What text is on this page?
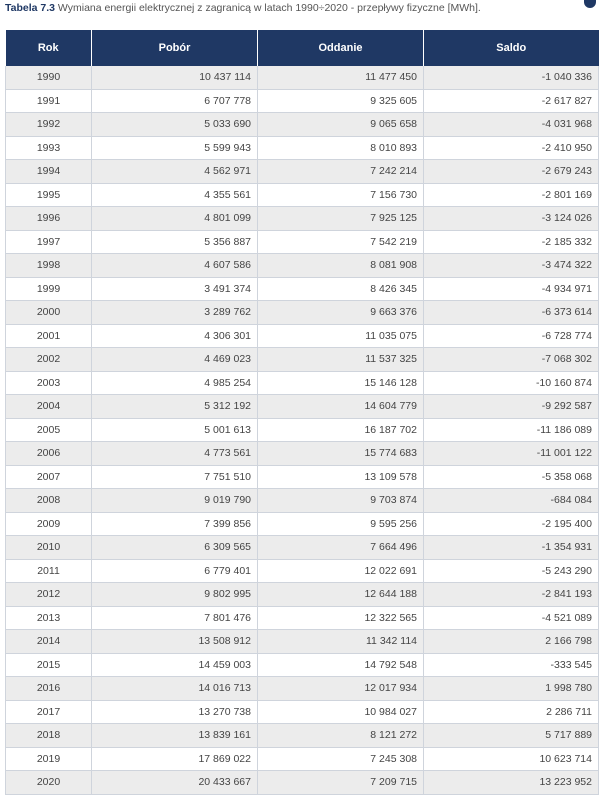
Tabela 7.3 Wymiana energii elektrycznej z zagranicą w latach 1990÷2020 - przepływy fizyczne [MWh].
Rok	Pobór	Oddanie	Saldo
1990	10 437 114	11 477 450	-1 040 336
1991	6 707 778	9 325 605	-2 617 827
1992	5 033 690	9 065 658	-4 031 968
1993	5 599 943	8 010 893	-2 410 950
1994	4 562 971	7 242 214	-2 679 243
1995	4 355 561	7 156 730	-2 801 169
1996	4 801 099	7 925 125	-3 124 026
1997	5 356 887	7 542 219	-2 185 332
1998	4 607 586	8 081 908	-3 474 322
1999	3 491 374	8 426 345	-4 934 971
2000	3 289 762	9 663 376	-6 373 614
2001	4 306 301	11 035 075	-6 728 774
2002	4 469 023	11 537 325	-7 068 302
2003	4 985 254	15 146 128	-10 160 874
2004	5 312 192	14 604 779	-9 292 587
2005	5 001 613	16 187 702	-11 186 089
2006	4 773 561	15 774 683	-11 001 122
2007	7 751 510	13 109 578	-5 358 068
2008	9 019 790	9 703 874	-684 084
2009	7 399 856	9 595 256	-2 195 400
2010	6 309 565	7 664 496	-1 354 931
2011	6 779 401	12 022 691	-5 243 290
2012	9 802 995	12 644 188	-2 841 193
2013	7 801 476	12 322 565	-4 521 089
2014	13 508 912	11 342 114	2 166 798
2015	14 459 003	14 792 548	-333 545
2016	14 016 713	12 017 934	1 998 780
2017	13 270 738	10 984 027	2 286 711
2018	13 839 161	8 121 272	5 717 889
2019	17 869 022	7 245 308	10 623 714
2020	20 433 667	7 209 715	13 223 952
